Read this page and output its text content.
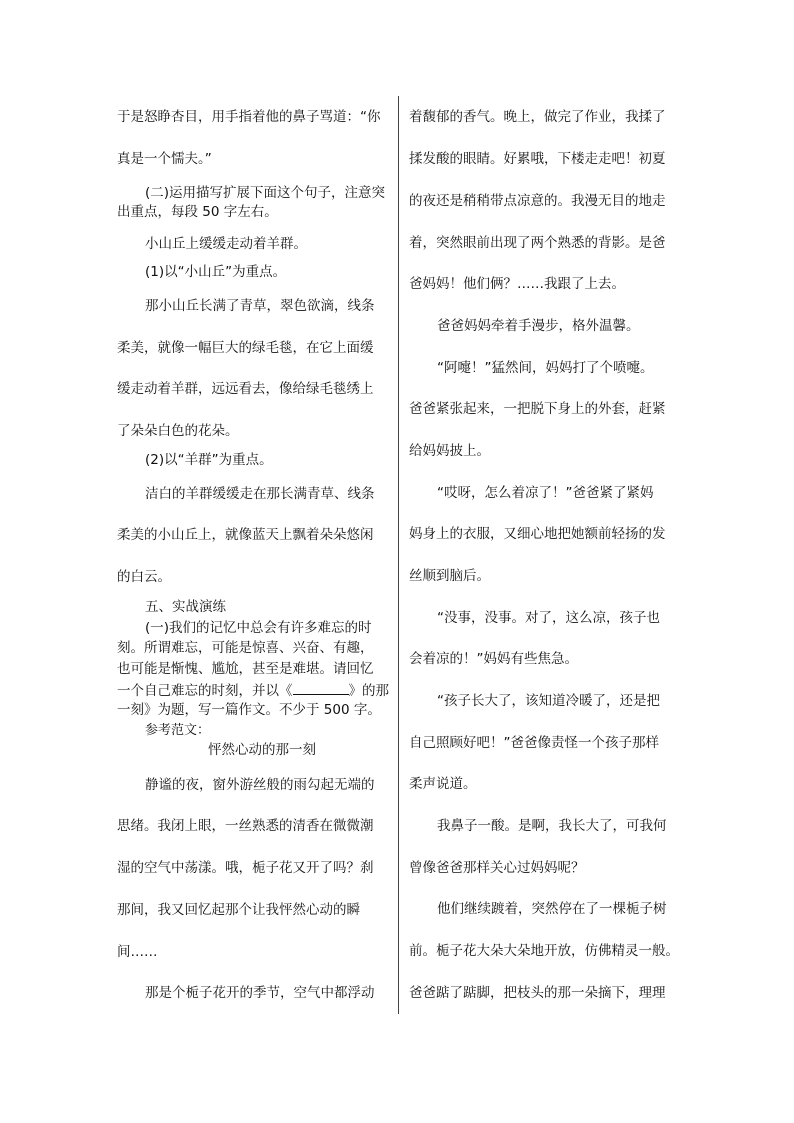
于是怒睁杏目，用手指着他的鼻子骂道：“你
真是一个懦夫。”
(二)运用描写扩展下面这个句子，注意突
出重点，每段 50 字左右。
小山丘上缓缓走动着羊群。
(1)以“小山丘”为重点。
那小山丘长满了青草，翠色欲滴，线条
柔美，就像一幅巨大的绿毛毯，在它上面缓
缓走动着羊群，远远看去，像给绿毛毯绣上
了朵朵白色的花朵。
(2)以“羊群”为重点。
洁白的羊群缓缓走在那长满青草、线条
柔美的小山丘上，就像蓝天上飘着朵朵悠闲
的白云。
五、实战演练
(一)我们的记忆中总会有许多难忘的时
刻。所谓难忘，可能是惊喜、兴奋、有趣，
也可能是惭愧、尴尬，甚至是难堪。请回忆
一个自己难忘的时刻，并以《	》的那
一刻》为题，写一篇作文。不少于 500 字。
参考范文：
怦然心动的那一刻
静谧的夜，窗外游丝般的雨勾起无端的
思绪。我闭上眼，一丝熟悉的清香在微微潮
湿的空气中荡漾。哦，栀子花又开了吗？刹
那间，我又回忆起那个让我怦然心动的瞬
间……
那是个栀子花开的季节，空气中都浮动
着馥郁的香气。晚上，做完了作业，我揉了
揉发酸的眼睛。好累哦，下楼走走吧！初夏
的夜还是稍稍带点凉意的。我漫无目的地走
着，突然眼前出现了两个熟悉的背影。是爸
爸妈妈！他们俩？……我跟了上去。
爸爸妈妈牵着手漫步，格外温馨。
“阿嚏！”猛然间，妈妈打了个喷嚏。
爸爸紧张起来，一把脱下身上的外套，赶紧
给妈妈披上。
“哎呀，怎么着凉了！”爸爸紧了紧妈
妈身上的衣服，又细心地把她额前轻扬的发
丝顺到脑后。
“没事，没事。对了，这么凉，孩子也
会着凉的！”妈妈有些焦急。
“孩子长大了，该知道冷暖了，还是把
自己照顾好吧！”爸爸像责怪一个孩子那样
柔声说道。
我鼻子一酸。是啊，我长大了，可我何
曾像爸爸那样关心过妈妈呢？
他们继续踱着，突然停在了一棵栀子树
前。栀子花大朵大朵地开放，仿佛精灵一般。
爸爸踮了踮脚，把枝头的那一朵摘下，理理
